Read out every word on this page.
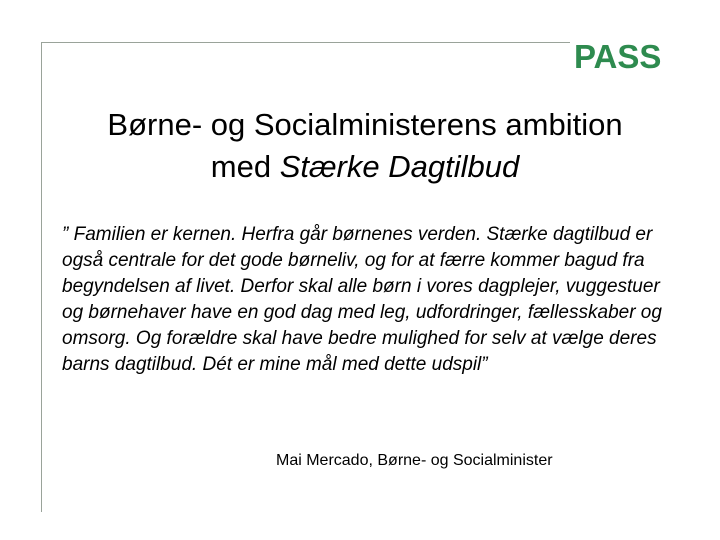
PASS
Børne- og Socialministerens ambition
med Stærke Dagtilbud
” Familien er kernen. Herfra går børnenes verden. Stærke dagtilbud er også centrale for det gode børneliv, og for at færre kommer bagud fra begyndelsen af livet. Derfor skal alle børn i vores dagplejer, vuggestuer og børnehaver have en god dag med leg, udfordringer, fællesskaber og omsorg. Og forældre skal have bedre mulighed for selv at vælge deres barns dagtilbud. Dét er mine mål med dette udspil”
Mai Mercado, Børne- og Socialminister
